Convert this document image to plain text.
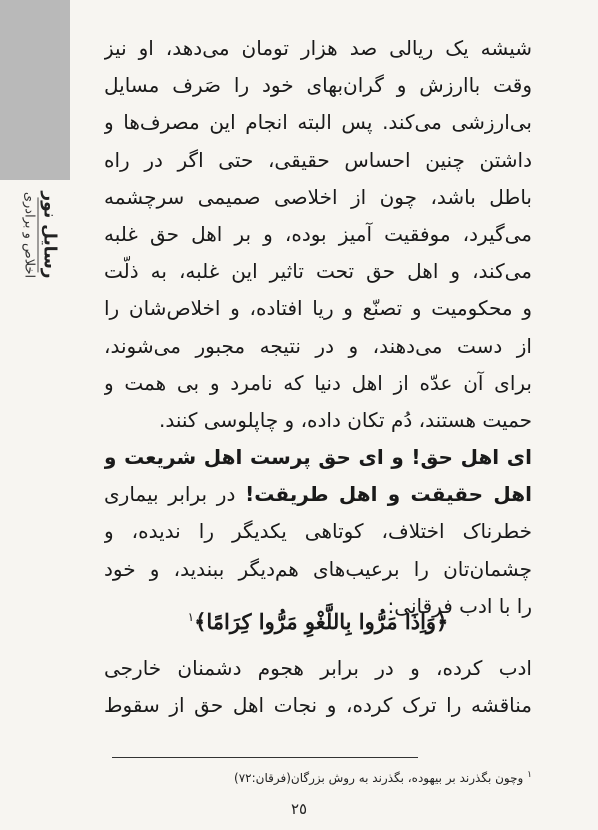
رسایل نور
اخلاص و برادری
شیشه یک ریالی صد هزار تومان می‌دهد، او نیز
وقت باارزش و گران‌بهای خود را صَرف مسایل
بی‌ارزشی می‌کند. پس البته انجام این مصرف‌ها و
داشتن چنین احساس حقیقی، حتی اگر در راه
باطل باشد، چون از اخلاصی صمیمی سرچشمه
می‌گیرد، موفقیت آمیز بوده، و بر اهل حق غلبه
می‌کند، و اهل حق تحت تاثیر این غلبه، به ذلّت
و محکومیت و تصنّع و ریا افتاده، و اخلاص‌شان را
از دست می‌دهند، و در نتیجه مجبور می‌شوند،
برای آن عدّه از اهل دنیا که نامرد و بی همت و
حمیت هستند، دُم تکان داده، و چاپلوسی کنند.
ای اهل حق! و ای حق پرست اهل شریعت و
اهل حقیقت و اهل طریقت! در برابر بیماری
خطرناک اختلاف، کوتاهی یکدیگر را ندیده، و
چشمان‌تان را برعیب‌های هم‌دیگر ببندید، و خود
را با ادب فرقانی:
﴿وَاِذَا مَرُّوا بِاللَّغْوِ مَرُّوا كِرَامًا﴾$^١$
ادب کرده، و در برابر هجوم دشمنان خارجی
مناقشه را ترک کرده، و نجات اهل حق از سقوط
$^١$ وچون بگذرند بر بیهوده، بگذرند به روش بزرگان(فرقان:٧٢)
٢٥
